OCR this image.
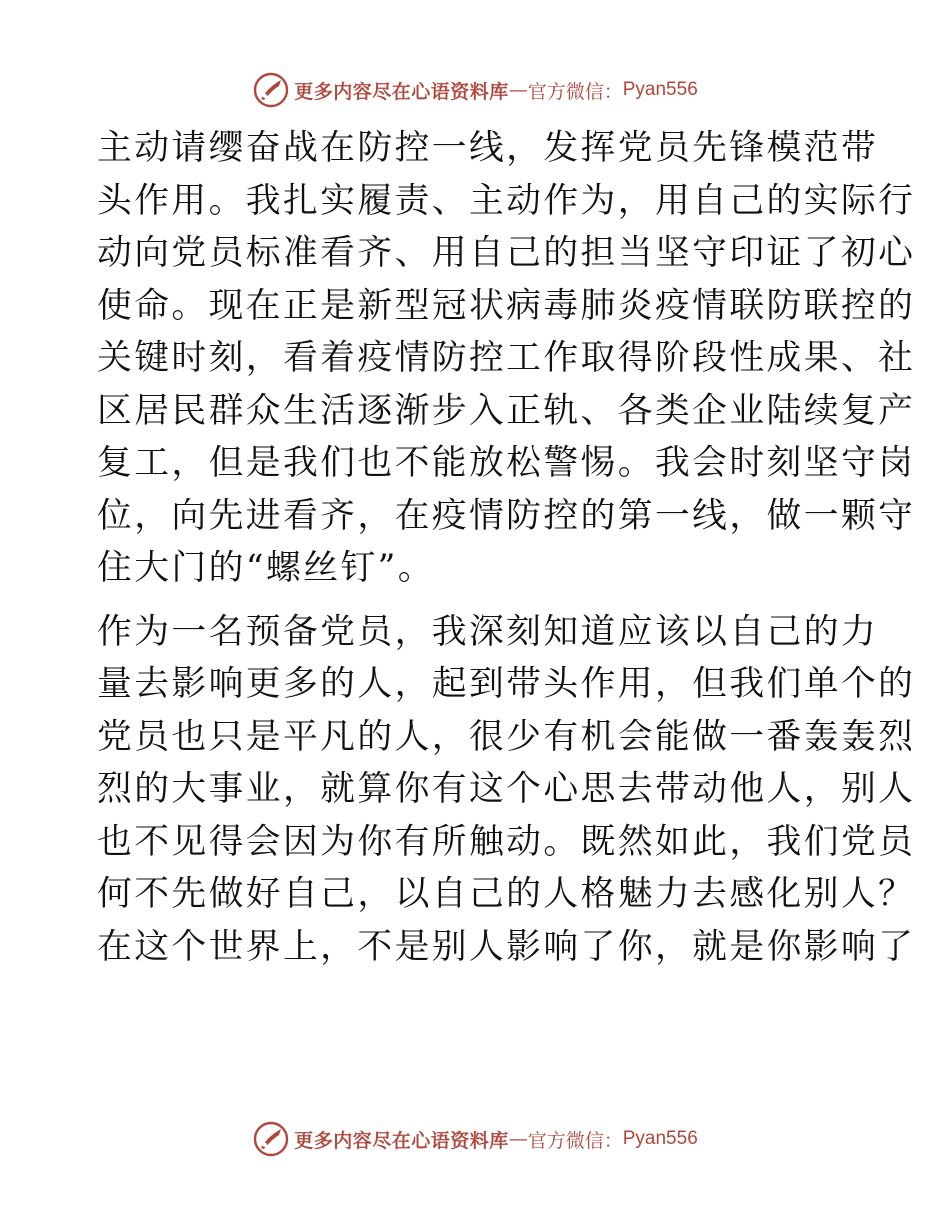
更多内容尽在心语资料库 — 官方微信： Pyan556

主动请缨奋战在防控一线，发挥党员先锋模范带
头作用。我扎实履责、主动作为，用自己的实际行
动向党员标准看齐、用自己的担当坚守印证了初心
使命。现在正是新型冠状病毒肺炎疫情联防联控的
关键时刻，看着疫情防控工作取得阶段性成果、社
区居民群众生活逐渐步入正轨、各类企业陆续复产
复工，但是我们也不能放松警惕。我会时刻坚守岗
位，向先进看齐，在疫情防控的第一线，做一颗守
住大门的“螺丝钉”。

作为一名预备党员，我深刻知道应该以自己的力
量去影响更多的人，起到带头作用，但我们单个的
党员也只是平凡的人，很少有机会能做一番轰轰烈
烈的大事业，就算你有这个心思去带动他人，别人
也不见得会因为你有所触动。既然如此，我们党员
何不先做好自己，以自己的人格魅力去感化别人？
在这个世界上，不是别人影响了你，就是你影响了

更多内容尽在心语资料库 — 官方微信： Pyan556
